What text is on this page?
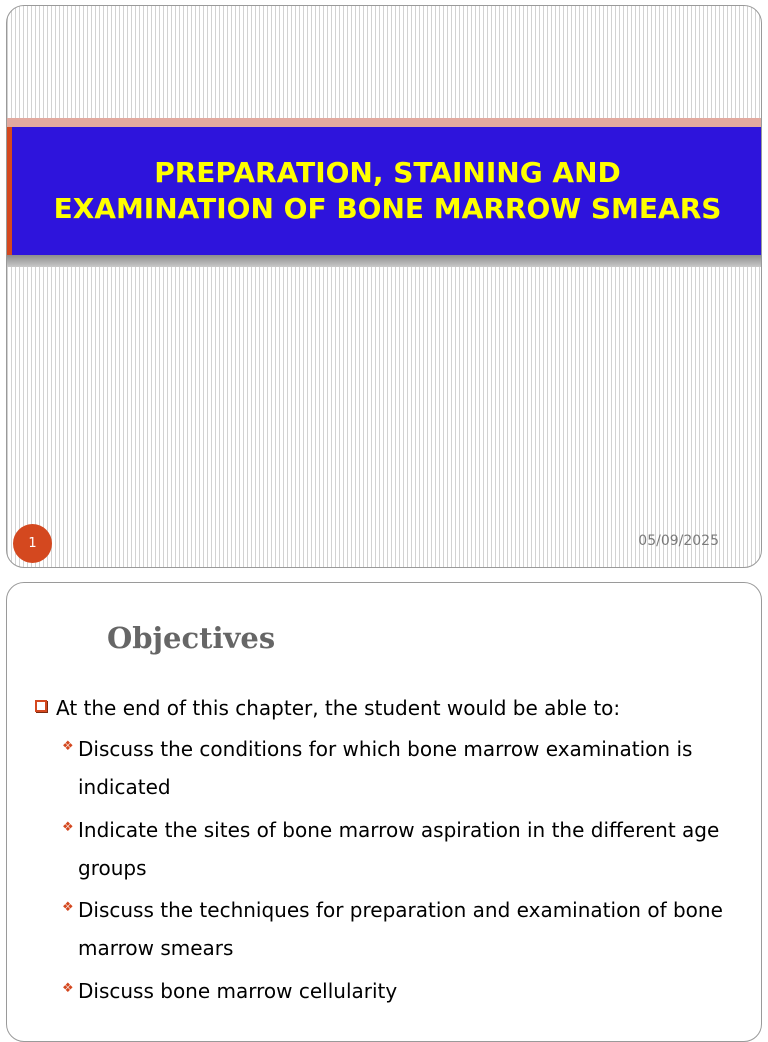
PREPARATION, STAINING AND
EXAMINATION OF BONE MARROW SMEARS
1	05/09/2025
Objectives
At the end of this chapter, the student would be able to:
❖ Discuss the conditions for which bone marrow examination is indicated
❖ Indicate the sites of bone marrow aspiration in the different age groups
❖ Discuss the techniques for preparation and examination of bone marrow smears
❖ Discuss bone marrow cellularity
